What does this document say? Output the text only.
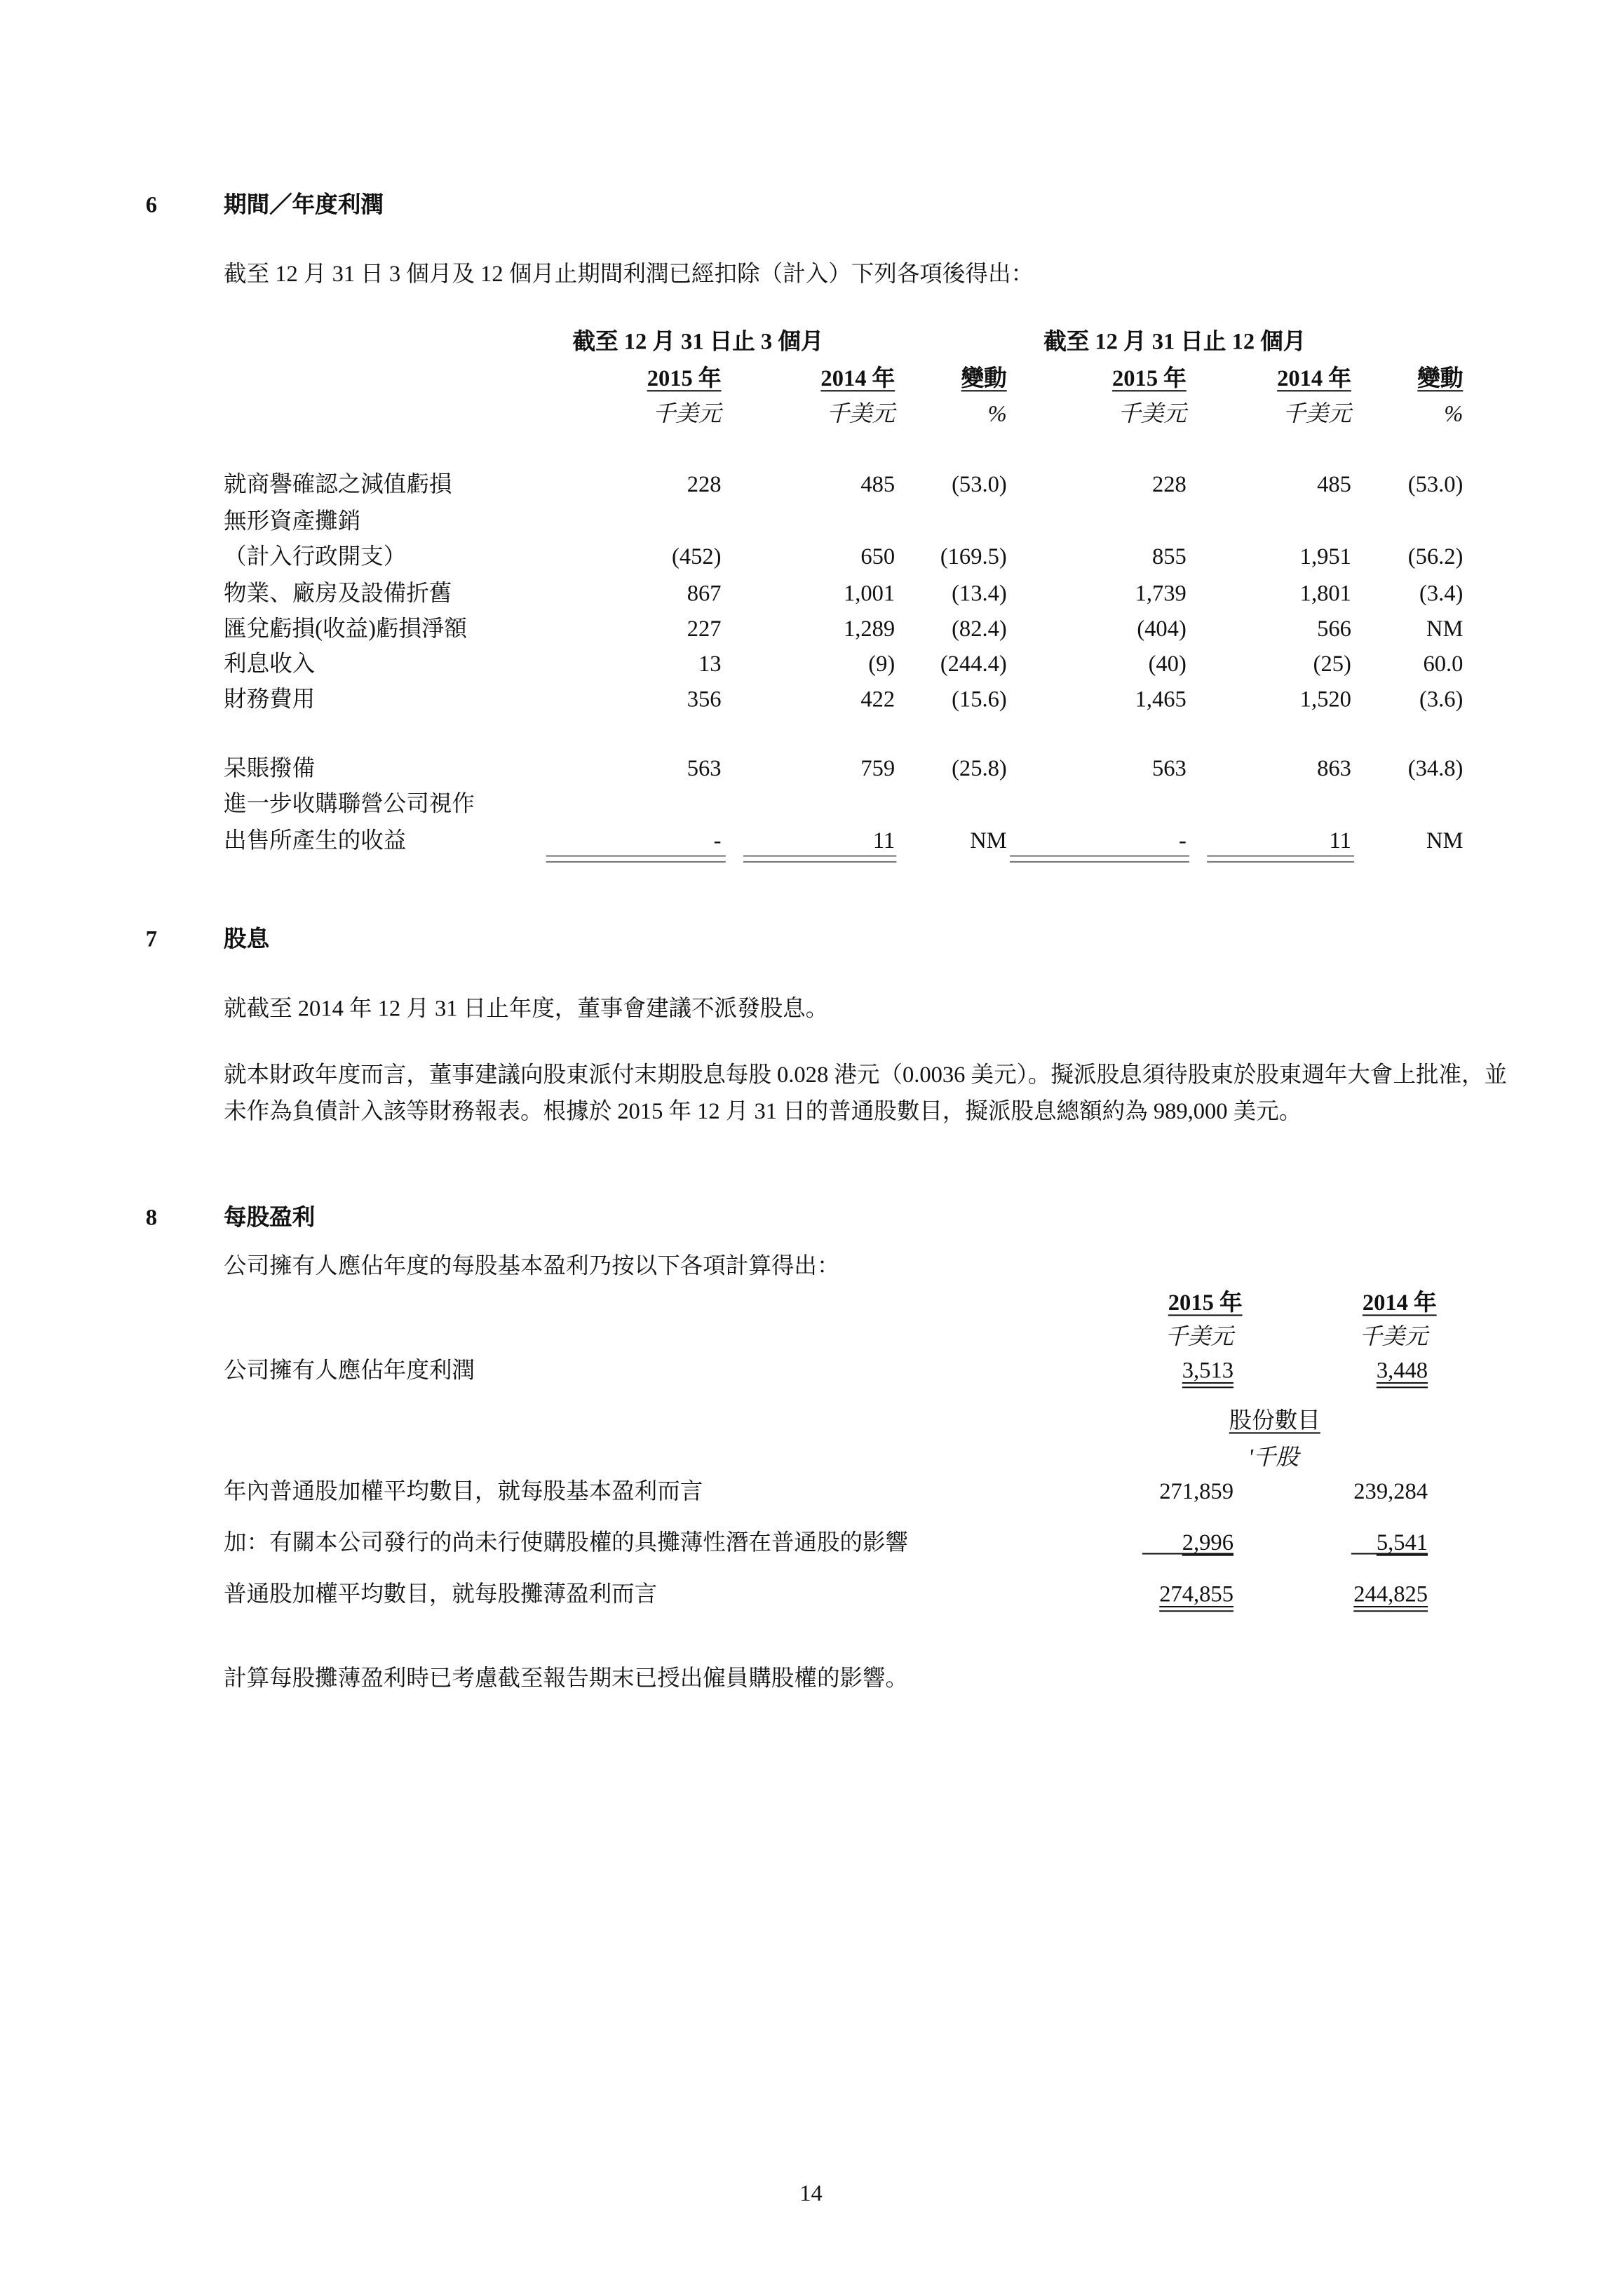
6	期間／年度利潤
截至 12 月 31 日 3 個月及 12 個月止期間利潤已經扣除（計入）下列各項後得出：
截至 12 月 31 日止 3 個月	截至 12 月 31 日止 12 個月
2015 年	2014 年	變動	2015 年	2014 年	變動
千美元	千美元	%	千美元	千美元	%
就商譽確認之減值虧損	228	485	(53.0)	228	485	(53.0)
無形資產攤銷
（計入行政開支）	(452)	650	(169.5)	855	1,951	(56.2)
物業、廠房及設備折舊	867	1,001	(13.4)	1,739	1,801	(3.4)
匯兌虧損(收益)虧損淨額	227	1,289	(82.4)	(404)	566	NM
利息收入	13	(9)	(244.4)	(40)	(25)	60.0
財務費用	356	422	(15.6)	1,465	1,520	(3.6)
呆賬撥備	563	759	(25.8)	563	863	(34.8)
進一步收購聯營公司視作
出售所產生的收益	-	11	NM	-	11	NM
7	股息
就截至 2014 年 12 月 31 日止年度，董事會建議不派發股息。
就本財政年度而言，董事建議向股東派付末期股息每股 0.028 港元（0.0036 美元）。擬派股息須待股東於股東週年大會上批准，並未作為負債計入該等財務報表。根據於 2015 年 12 月 31 日的普通股數目，擬派股息總額約為 989,000 美元。
8	每股盈利
公司擁有人應佔年度的每股基本盈利乃按以下各項計算得出：
2015 年	2014 年
千美元	千美元
公司擁有人應佔年度利潤	3,513	3,448
股份數目
'千股
年內普通股加權平均數目，就每股基本盈利而言	271,859	239,284
加：有關本公司發行的尚未行使購股權的具攤薄性潛在普通股的影響	2,996	5,541
普通股加權平均數目，就每股攤薄盈利而言	274,855	244,825
計算每股攤薄盈利時已考慮截至報告期末已授出僱員購股權的影響。
14
